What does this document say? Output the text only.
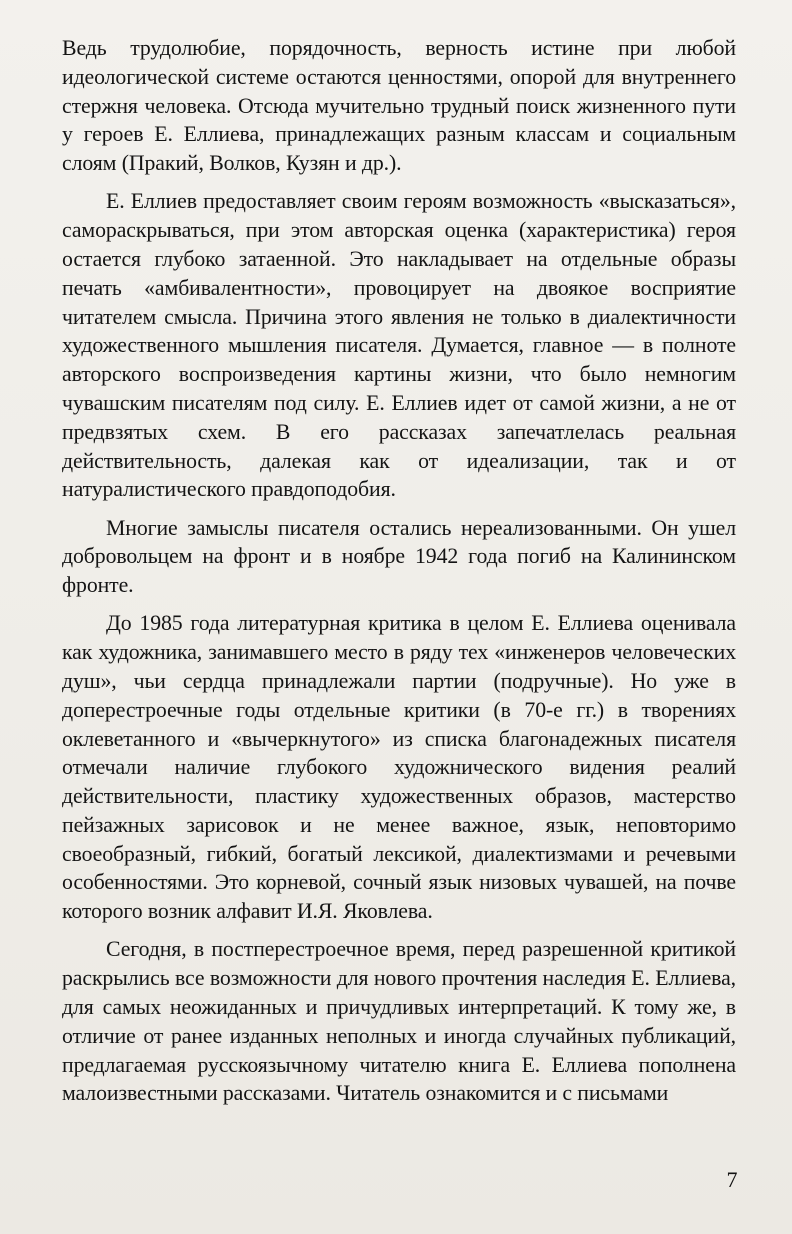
Ведь трудолюбие, порядочность, верность истине при любой идеологической системе остаются ценностями, опорой для внутреннего стержня человека. Отсюда мучительно трудный поиск жизненного пути у героев Е. Еллиева, принадлежащих разным классам и социальным слоям (Пракий, Волков, Кузян и др.).

Е. Еллиев предоставляет своим героям возможность «высказаться», самораскрываться, при этом авторская оценка (характеристика) героя остается глубоко затаенной. Это накладывает на отдельные образы печать «амбивалентности», провоцирует на двоякое восприятие читателем смысла. Причина этого явления не только в диалектичности художественного мышления писателя. Думается, главное — в полноте авторского воспроизведения картины жизни, что было немногим чувашским писателям под силу. Е. Еллиев идет от самой жизни, а не от предвзятых схем. В его рассказах запечатлелась реальная действительность, далекая как от идеализации, так и от натуралистического правдоподобия.

Многие замыслы писателя остались нереализованными. Он ушел добровольцем на фронт и в ноябре 1942 года погиб на Калининском фронте.

До 1985 года литературная критика в целом Е. Еллиева оценивала как художника, занимавшего место в ряду тех «инженеров человеческих душ», чьи сердца принадлежали партии (подручные). Но уже в доперестроечные годы отдельные критики (в 70-е гг.) в творениях оклеветанного и «вычеркнутого» из списка благонадежных писателя отмечали наличие глубокого художнического видения реалий действительности, пластику художественных образов, мастерство пейзажных зарисовок и не менее важное, язык, неповторимо своеобразный, гибкий, богатый лексикой, диалектизмами и речевыми особенностями. Это корневой, сочный язык низовых чувашей, на почве которого возник алфавит И.Я. Яковлева.

Сегодня, в постперестроечное время, перед разрешенной критикой раскрылись все возможности для нового прочтения наследия Е. Еллиева, для самых неожиданных и причудливых интерпретаций. К тому же, в отличие от ранее изданных неполных и иногда случайных публикаций, предлагаемая русскоязычному читателю книга Е. Еллиева пополнена малоизвестными рассказами. Читатель ознакомится и с письмами

7
